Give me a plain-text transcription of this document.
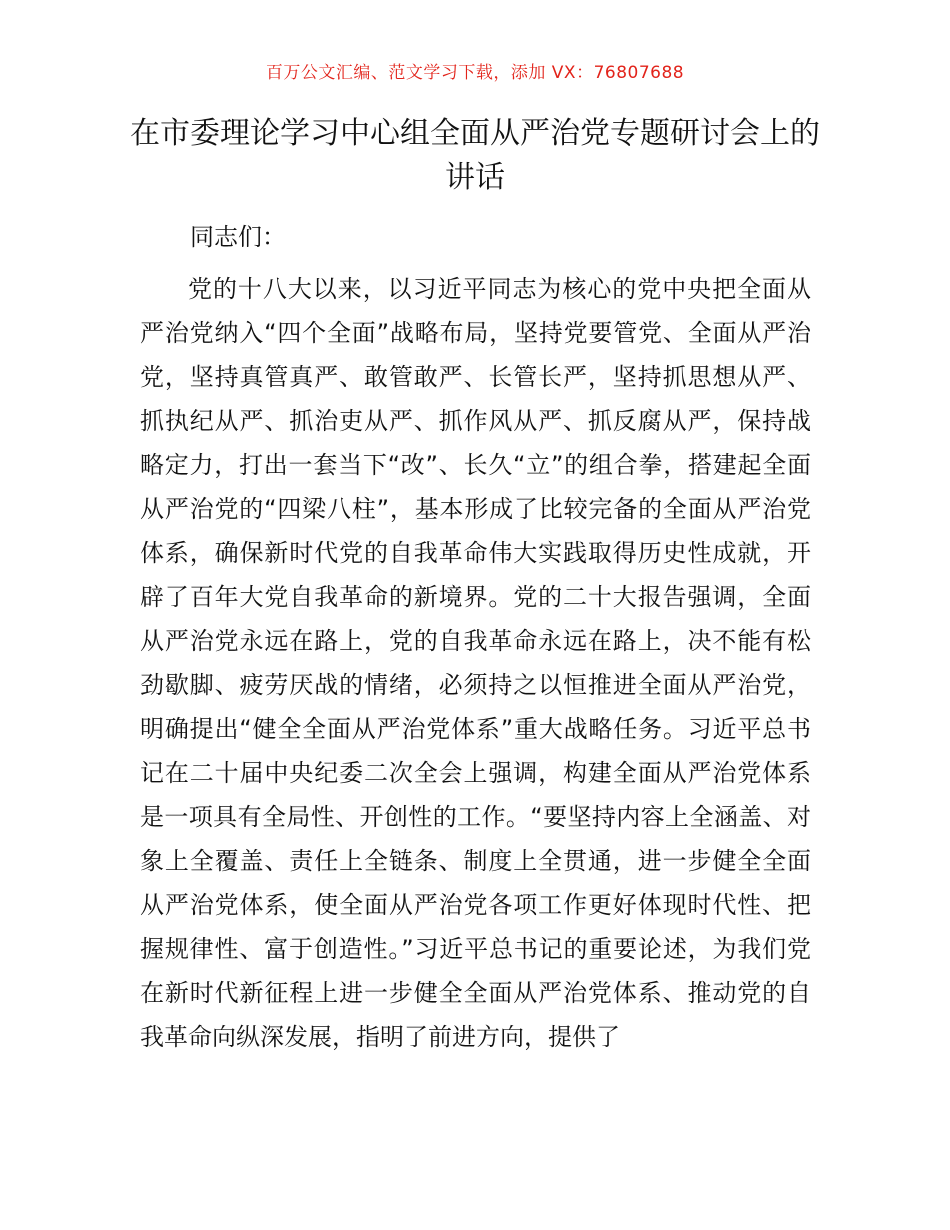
百万公文汇编、范文学习下载，添加 VX：76807688
在市委理论学习中心组全面从严治党专题研讨会上的讲话

同志们：

党的十八大以来，以习近平同志为核心的党中央把全面从严治党纳入“四个全面”战略布局，坚持党要管党、全面从严治党，坚持真管真严、敢管敢严、长管长严，坚持抓思想从严、抓执纪从严、抓治吏从严、抓作风从严、抓反腐从严，保持战略定力，打出一套当下“改”、长久“立”的组合拳，搭建起全面从严治党的“四梁八柱”，基本形成了比较完备的全面从严治党体系，确保新时代党的自我革命伟大实践取得历史性成就，开辟了百年大党自我革命的新境界。党的二十大报告强调，全面从严治党永远在路上，党的自我革命永远在路上，决不能有松劲歇脚、疲劳厌战的情绪，必须持之以恒推进全面从严治党，明确提出“健全全面从严治党体系”重大战略任务。习近平总书记在二十届中央纪委二次全会上强调，构建全面从严治党体系是一项具有全局性、开创性的工作。“要坚持内容上全涵盖、对象上全覆盖、责任上全链条、制度上全贯通，进一步健全全面从严治党体系，使全面从严治党各项工作更好体现时代性、把握规律性、富于创造性。”习近平总书记的重要论述，为我们党在新时代新征程上进一步健全全面从严治党体系、推动党的自我革命向纵深发展，指明了前进方向，提供了
